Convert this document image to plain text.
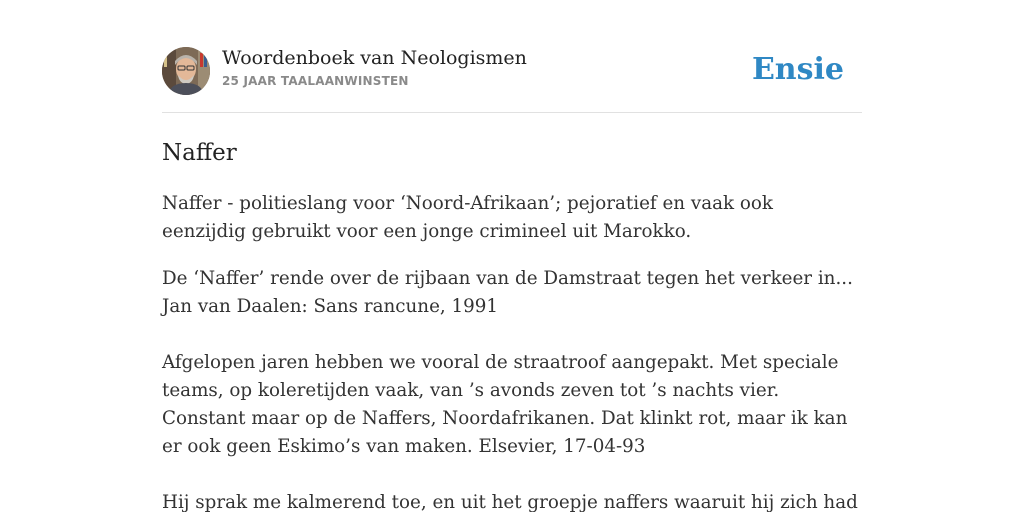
Woordenboek van Neologismen
25 JAAR TAALAANWINSTEN	Ensie
Naffer

Naffer - politieslang voor ‘Noord-Afrikaan’; pejoratief en vaak ook eenzijdig gebruikt voor een jonge crimineel uit Marokko.

De ‘Naffer’ rende over de rijbaan van de Damstraat tegen het verkeer in... Jan van Daalen: Sans rancune, 1991

Afgelopen jaren hebben we vooral de straatroof aangepakt. Met speciale teams, op koleretijden vaak, van ’s avonds zeven tot ’s nachts vier. Constant maar op de Naffers, Noordafrikanen. Dat klinkt rot, maar ik kan er ook geen Eskimo’s van maken. Elsevier, 17-04-93

Hij sprak me kalmerend toe, en uit het groepje naffers waaruit hij zich had
